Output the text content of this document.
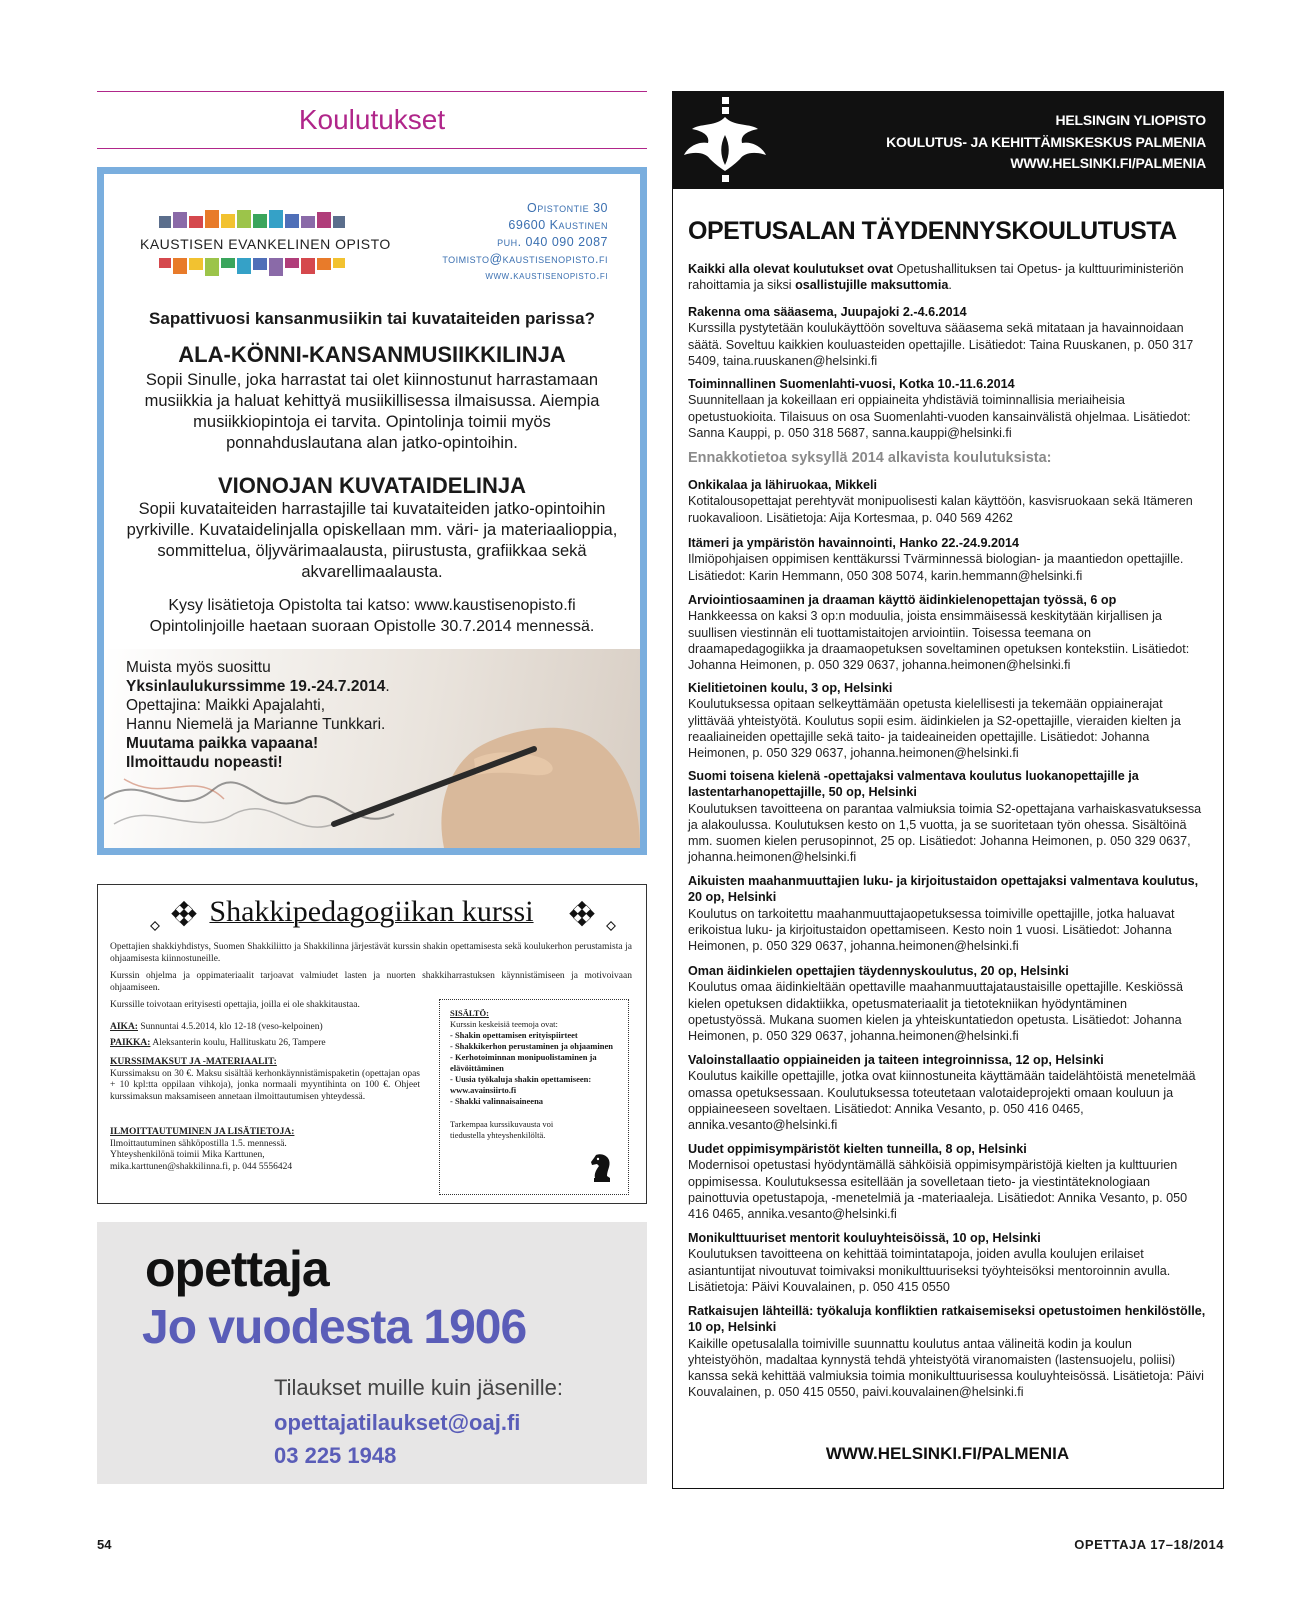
Koulutukset
KAUSTISEN EVANKELINEN OPISTO
Opistontie 30
69600 Kaustinen
puh. 040 090 2087
toimisto@kaustisenopisto.fi
www.kaustisenopisto.fi
Sapattivuosi kansanmusiikin tai kuvataiteiden parissa?
ALA-KÖNNI-KANSANMUSIIKKILINJA
Sopii Sinulle, joka harrastat tai olet kiinnostunut harrastamaan musiikkia ja haluat kehittyä musiikillisessa ilmaisussa. Aiempia musiikkiopintoja ei tarvita. Opintolinja toimii myös ponnahduslautana alan jatko-opintoihin.
VIONOJAN KUVATAIDELINJA
Sopii kuvataiteiden harrastajille tai kuvataiteiden jatko-opintoihin pyrkiville. Kuvataidelinjalla opiskellaan mm. väri- ja materiaalioppia, sommittelua, öljyvärimaalausta, piirustusta, grafiikkaa sekä akvarellimaalausta.
Kysy lisätietoja Opistolta tai katso: www.kaustisenopisto.fi
Opintolinjoille haetaan suoraan Opistolle 30.7.2014 mennessä.
Muista myös suosittu
Yksinlaulukurssimme 19.-24.7.2014.
Opettajina: Maikki Apajalahti,
Hannu Niemelä ja Marianne Tunkkari.
Muutama paikka vapaana!
Ilmoittaudu nopeasti!
Shakkipedagogiikan kurssi
Opettajien shakkiyhdistys, Suomen Shakkiliitto ja Shakkilinna järjestävät kurssin shakin opettamisesta sekä koulukerhon perustamista ja ohjaamisesta kiinnostuneille.
Kurssin ohjelma ja oppimateriaalit tarjoavat valmiudet lasten ja nuorten shakkiharrastuksen käynnistämiseen ja motivoivaan ohjaamiseen.
Kurssille toivotaan erityisesti opettajia, joilla ei ole shakkitaustaa.
AIKA: Sunnuntai 4.5.2014, klo 12-18 (veso-kelpoinen)
PAIKKA: Aleksanterin koulu, Hallituskatu 26, Tampere
KURSSIMAKSUT JA -MATERIAALIT:
Kurssimaksu on 30 €. Maksu sisältää kerhonkäynnistämispaketin (opettajan opas + 10 kpl:tta oppilaan vihkoja), jonka normaali myyntihinta on 100 €. Ohjeet kurssimaksun maksamiseen annetaan ilmoittautumisen yhteydessä.
ILMOITTAUTUMINEN JA LISÄTIETOJA:
Ilmoittautuminen sähköpostilla 1.5. mennessä.
Yhteyshenkilönä toimii Mika Karttunen,
mika.karttunen@shakkilinna.fi, p. 044 5556424
SISÄLTÖ:
Kurssin keskeisiä teemoja ovat:
- Shakin opettamisen erityispiirteet
- Shakkikerhon perustaminen ja ohjaaminen
- Kerhotoiminnan monipuolistaminen ja elävöittäminen
- Uusia työkaluja shakin opettamiseen: www.avainsiirto.fi
- Shakki valinnaisaineena
Tarkempaa kurssikuvausta voi tiedustella yhteyshenkilöltä.
opettaja
Jo vuodesta 1906
Tilaukset muille kuin jäsenille:
opettajatilaukset@oaj.fi
03 225 1948
HELSINGIN YLIOPISTO
KOULUTUS- JA KEHITTÄMISKESKUS PALMENIA
WWW.HELSINKI.FI/PALMENIA
OPETUSALAN TÄYDENNYSKOULUTUSTA
Kaikki alla olevat koulutukset ovat Opetushallituksen tai Opetus- ja kulttuuriministeriön rahoittamia ja siksi osallistujille maksuttomia.
Rakenna oma sääasema, Juupajoki 2.-4.6.2014
Kurssilla pystytetään koulukäyttöön soveltuva sääasema sekä mitataan ja havainnoidaan säätä. Soveltuu kaikkien kouluasteiden opettajille. Lisätiedot: Taina Ruuskanen, p. 050 317 5409, taina.ruuskanen@helsinki.fi
Toiminnallinen Suomenlahti-vuosi, Kotka 10.-11.6.2014
Suunnitellaan ja kokeillaan eri oppiaineita yhdistäviä toiminnallisia meriaiheisia opetustuokioita. Tilaisuus on osa Suomenlahti-vuoden kansainvälistä ohjelmaa. Lisätiedot: Sanna Kauppi, p. 050 318 5687, sanna.kauppi@helsinki.fi
Ennakkotietoa syksyllä 2014 alkavista koulutuksista:
Onkikalaa ja lähiruokaa, Mikkeli
Kotitalousopettajat perehtyvät monipuolisesti kalan käyttöön, kasvisruokaan sekä Itämeren ruokavalioon. Lisätietoja: Aija Kortesmaa, p. 040 569 4262
Itämeri ja ympäristön havainnointi, Hanko 22.-24.9.2014
Ilmiöpohjaisen oppimisen kenttäkurssi Tvärminnessä biologian- ja maantiedon opettajille. Lisätiedot: Karin Hemmann, 050 308 5074, karin.hemmann@helsinki.fi
Arviointiosaaminen ja draaman käyttö äidinkielenopettajan työssä, 6 op
Hankkeessa on kaksi 3 op:n moduulia, joista ensimmäisessä keskitytään kirjallisen ja suullisen viestinnän eli tuottamistaitojen arviointiin. Toisessa teemana on draamapedagogiikka ja draamaopetuksen soveltaminen opetuksen kontekstiin. Lisätiedot: Johanna Heimonen, p. 050 329 0637, johanna.heimonen@helsinki.fi
Kielitietoinen koulu, 3 op, Helsinki
Koulutuksessa opitaan selkeyttämään opetusta kielellisesti ja tekemään oppiainerajat ylittävää yhteistyötä. Koulutus sopii esim. äidinkielen ja S2-opettajille, vieraiden kielten ja reaaliaineiden opettajille sekä taito- ja taideaineiden opettajille. Lisätiedot: Johanna Heimonen, p. 050 329 0637, johanna.heimonen@helsinki.fi
Suomi toisena kielenä -opettajaksi valmentava koulutus luokanopettajille ja lastentarhanopettajille, 50 op, Helsinki
Koulutuksen tavoitteena on parantaa valmiuksia toimia S2-opettajana varhaiskasvatuksessa ja alakoulussa. Koulutuksen kesto on 1,5 vuotta, ja se suoritetaan työn ohessa. Sisältöinä mm. suomen kielen perusopinnot, 25 op. Lisätiedot: Johanna Heimonen, p. 050 329 0637, johanna.heimonen@helsinki.fi
Aikuisten maahanmuuttajien luku- ja kirjoitustaidon opettajaksi valmentava koulutus, 20 op, Helsinki
Koulutus on tarkoitettu maahanmuuttajaopetuksessa toimiville opettajille, jotka haluavat erikoistua luku- ja kirjoitustaidon opettamiseen. Kesto noin 1 vuosi. Lisätiedot: Johanna Heimonen, p. 050 329 0637, johanna.heimonen@helsinki.fi
Oman äidinkielen opettajien täydennyskoulutus, 20 op, Helsinki
Koulutus omaa äidinkieltään opettaville maahanmuuttajataustaisille opettajille. Keskiössä kielen opetuksen didaktiikka, opetusmateriaalit ja tietotekniikan hyödyntäminen opetustyössä. Mukana suomen kielen ja yhteiskuntatiedon opetusta. Lisätiedot: Johanna Heimonen, p. 050 329 0637, johanna.heimonen@helsinki.fi
Valoinstallaatio oppiaineiden ja taiteen integroinnissa, 12 op, Helsinki
Koulutus kaikille opettajille, jotka ovat kiinnostuneita käyttämään taidelähtöistä menetelmää omassa opetuksessaan. Koulutuksessa toteutetaan valotaideprojekti omaan kouluun ja oppiaineeseen soveltaen. Lisätiedot: Annika Vesanto, p. 050 416 0465, annika.vesanto@helsinki.fi
Uudet oppimisympäristöt kielten tunneilla, 8 op, Helsinki
Modernisoi opetustasi hyödyntämällä sähköisiä oppimisympäristöjä kielten ja kulttuurien oppimisessa. Koulutuksessa esitellään ja sovelletaan tieto- ja viestintäteknologiaan painottuvia opetustapoja, -menetelmiä ja -materiaaleja. Lisätiedot: Annika Vesanto, p. 050 416 0465, annika.vesanto@helsinki.fi
Monikulttuuriset mentorit kouluyhteisöissä, 10 op, Helsinki
Koulutuksen tavoitteena on kehittää toimintatapoja, joiden avulla koulujen erilaiset asiantuntijat nivoutuvat toimivaksi monikulttuuriseksi työyhteisöksi mentoroinnin avulla. Lisätietoja: Päivi Kouvalainen, p. 050 415 0550
Ratkaisujen lähteillä: työkaluja konfliktien ratkaisemiseksi opetustoimen henkilöstölle, 10 op, Helsinki
Kaikille opetusalalla toimiville suunnattu koulutus antaa välineitä kodin ja koulun yhteistyöhön, madaltaa kynnystä tehdä yhteistyötä viranomaisten (lastensuojelu, poliisi) kanssa sekä kehittää valmiuksia toimia monikulttuurisessa kouluyhteisössä. Lisätietoja: Päivi Kouvalainen, p. 050 415 0550, paivi.kouvalainen@helsinki.fi
WWW.HELSINKI.FI/PALMENIA
54	OPETTAJA 17–18/2014
